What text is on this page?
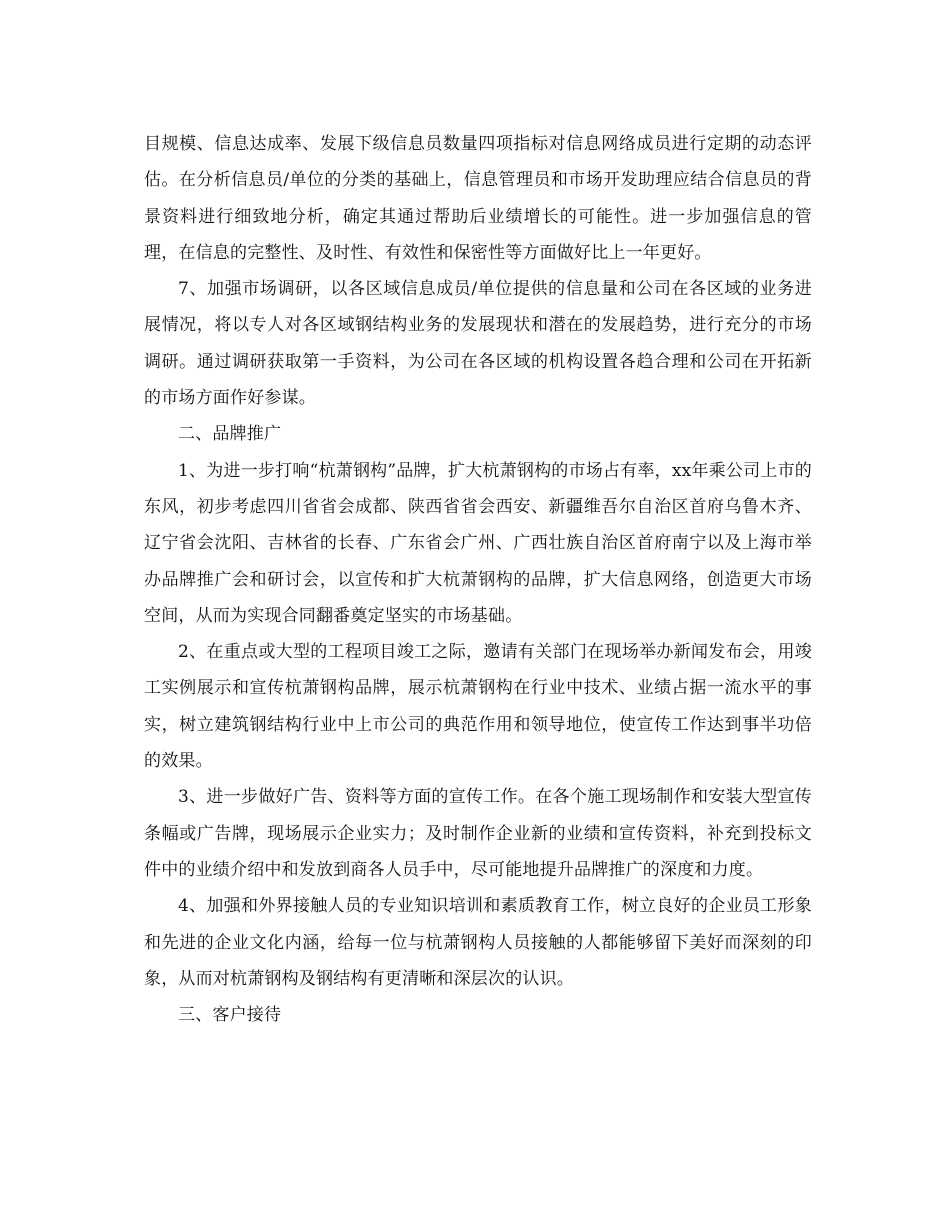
目规模、信息达成率、发展下级信息员数量四项指标对信息网络成员进行定期的动态评估。在分析信息员/单位的分类的基础上，信息管理员和市场开发助理应结合信息员的背景资料进行细致地分析，确定其通过帮助后业绩增长的可能性。进一步加强信息的管理，在信息的完整性、及时性、有效性和保密性等方面做好比上一年更好。

7、加强市场调研，以各区域信息成员/单位提供的信息量和公司在各区域的业务进展情况，将以专人对各区域钢结构业务的发展现状和潜在的发展趋势，进行充分的市场调研。通过调研获取第一手资料，为公司在各区域的机构设置各趋合理和公司在开拓新的市场方面作好参谋。

二、品牌推广

1、为进一步打响“杭萧钢构”品牌，扩大杭萧钢构的市场占有率，xx年乘公司上市的东风，初步考虑四川省省会成都、陕西省省会西安、新疆维吾尔自治区首府乌鲁木齐、辽宁省会沈阳、吉林省的长春、广东省会广州、广西壮族自治区首府南宁以及上海市举办品牌推广会和研讨会，以宣传和扩大杭萧钢构的品牌，扩大信息网络，创造更大市场空间，从而为实现合同翻番奠定坚实的市场基础。

2、在重点或大型的工程项目竣工之际，邀请有关部门在现场举办新闻发布会，用竣工实例展示和宣传杭萧钢构品牌，展示杭萧钢构在行业中技术、业绩占据一流水平的事实，树立建筑钢结构行业中上市公司的典范作用和领导地位，使宣传工作达到事半功倍的效果。

3、进一步做好广告、资料等方面的宣传工作。在各个施工现场制作和安装大型宣传条幅或广告牌，现场展示企业实力；及时制作企业新的业绩和宣传资料，补充到投标文件中的业绩介绍中和发放到商各人员手中，尽可能地提升品牌推广的深度和力度。

4、加强和外界接触人员的专业知识培训和素质教育工作，树立良好的企业员工形象和先进的企业文化内涵，给每一位与杭萧钢构人员接触的人都能够留下美好而深刻的印象，从而对杭萧钢构及钢结构有更清晰和深层次的认识。

三、客户接待
